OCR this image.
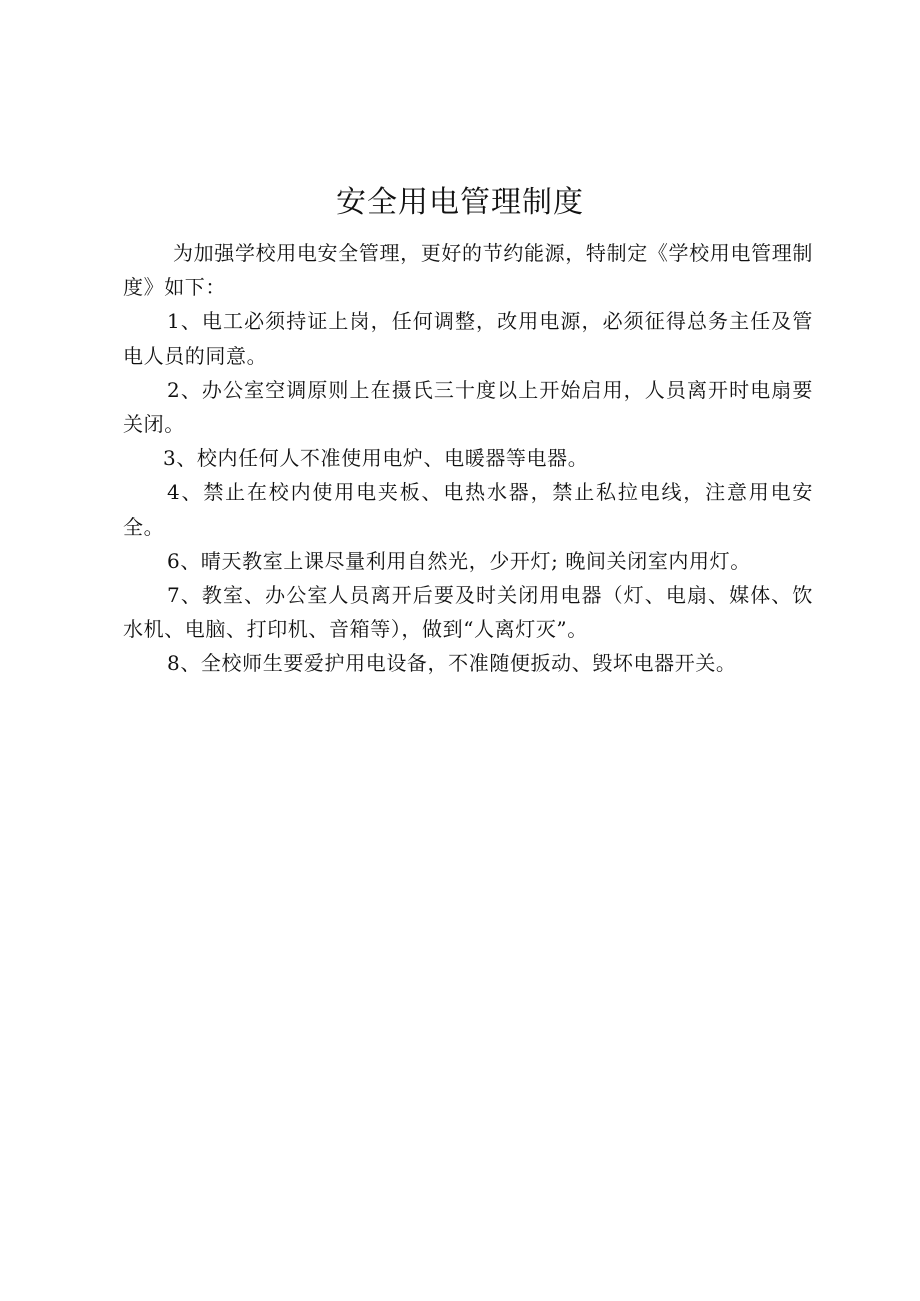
安全用电管理制度

为加强学校用电安全管理，更好的节约能源，特制定《学校用电管理制度》如下：

1、电工必须持证上岗，任何调整，改用电源，必须征得总务主任及管电人员的同意。

2、办公室空调原则上在摄氏三十度以上开始启用，人员离开时电扇要关闭。

3、校内任何人不准使用电炉、电暖器等电器。

4、禁止在校内使用电夹板、电热水器，禁止私拉电线，注意用电安全。

6、晴天教室上课尽量利用自然光，少开灯; 晚间关闭室内用灯。

7、教室、办公室人员离开后要及时关闭用电器（灯、电扇、媒体、饮水机、电脑、打印机、音箱等），做到“人离灯灭”。

8、全校师生要爱护用电设备，不准随便扳动、毁坏电器开关。
